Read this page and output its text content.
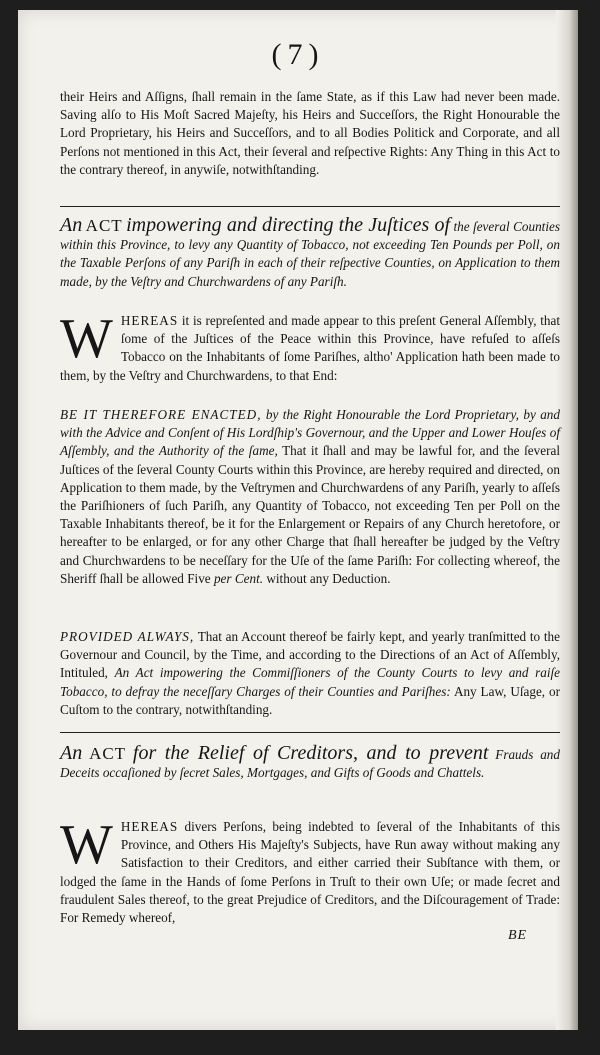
(7)
their Heirs and Aſſigns, ſhall remain in the ſame State, as if this Law had never been made. Saving alſo to His Moſt Sacred Majeſty, his Heirs and Succeſſors, the Right Honourable the Lord Proprietary, his Heirs and Succeſſors, and to all Bodies Politick and Corporate, and all Perſons not mentioned in this Act, their ſeveral and reſpective Rights: Any Thing in this Act to the contrary thereof, in anywiſe, notwithſtanding.
An ACT impowering and directing the Juſtices of the ſeveral Counties within this Province, to levy any Quantity of Tobacco, not exceeding Ten Pounds per Poll, on the Taxable Perſons of any Pariſh in each of their reſpective Counties, on Application to them made, by the Veſtry and Churchwardens of any Pariſh.
W HEREAS it is repreſented and made appear to this preſent General Aſſembly, that ſome of the Juſtices of the Peace within this Province, have refuſed to aſſeſs Tobacco on the Inhabitants of ſome Pariſhes, altho' Application hath been made to them, by the Veſtry and Churchwardens, to that End:
BE IT THEREFORE ENACTED, by the Right Honourable the Lord Proprietary, by and with the Advice and Conſent of His Lordſhip's Governour, and the Upper and Lower Houſes of Aſſembly, and the Authority of the ſame, That it ſhall and may be lawful for, and the ſeveral Juſtices of the ſeveral County Courts within this Province, are hereby required and directed, on Application to them made, by the Veſtrymen and Churchwardens of any Pariſh, yearly to aſſeſs the Pariſhioners of ſuch Pariſh, any Quantity of Tobacco, not exceeding Ten per Poll on the Taxable Inhabitants thereof, be it for the Enlargement or Repairs of any Church heretofore, or hereafter to be enlarged, or for any other Charge that ſhall hereafter be judged by the Veſtry and Churchwardens to be neceſſary for the Uſe of the ſame Pariſh: For collecting whereof, the Sheriff ſhall be allowed Five per Cent. without any Deduction.
PROVIDED ALWAYS, That an Account thereof be fairly kept, and yearly tranſmitted to the Governour and Council, by the Time, and according to the Directions of an Act of Aſſembly, Intituled, An Act impowering the Commiſſioners of the County Courts to levy and raiſe Tobacco, to defray the neceſſary Charges of their Counties and Pariſhes: Any Law, Uſage, or Cuſtom to the contrary, notwithſtanding.
An ACT for the Relief of Creditors, and to prevent Frauds and Deceits occaſioned by ſecret Sales, Mortgages, and Gifts of Goods and Chattels.
W HEREAS divers Perſons, being indebted to ſeveral of the Inhabitants of this Province, and Others His Majeſty's Subjects, have Run away without making any Satisfaction to their Creditors, and either carried their Subſtance with them, or lodged the ſame in the Hands of ſome Perſons in Truſt to their own Uſe; or made ſecret and fraudulent Sales thereof, to the great Prejudice of Creditors, and the Diſcouragement of Trade: For Remedy whereof,
BE
